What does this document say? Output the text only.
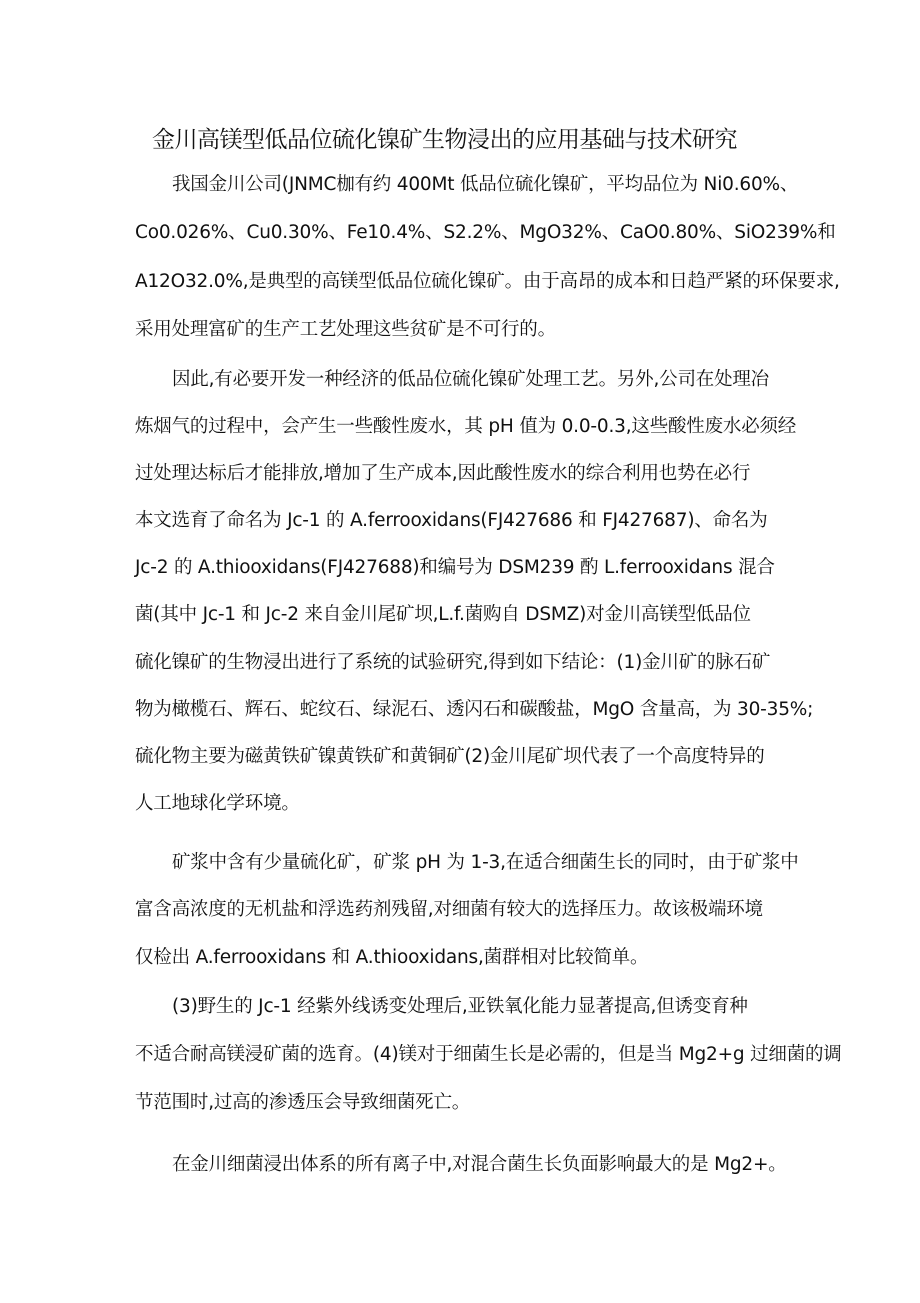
金川高镁型低品位硫化镍矿生物浸出的应用基础与技术研究
我国金川公司(JNMC枷有约 400Mt 低品位硫化镍矿，平均品位为 Ni0.60%、
Co0.026%、Cu0.30%、Fe10.4%、S2.2%、MgO32%、CaO0.80%、SiO239%和
A12O32.0%,是典型的高镁型低品位硫化镍矿。由于高昂的成本和日趋严紧的环保要求,
采用处理富矿的生产工艺处理这些贫矿是不可行的。
因此,有必要开发一种经济的低品位硫化镍矿处理工艺。另外,公司在处理冶
炼烟气的过程中，会产生一些酸性废水，其 pH 值为 0.0-0.3,这些酸性废水必须经
过处理达标后才能排放,增加了生产成本,因此酸性废水的综合利用也势在必行
本文选育了命名为 Jc-1 的 A.ferrooxidans(FJ427686 和 FJ427687)、命名为
Jc-2 的 A.thiooxidans(FJ427688)和编号为 DSM239 酌 L.ferrooxidans 混合
菌(其中 Jc-1 和 Jc-2 来自金川尾矿坝,L.f.菌购自 DSMZ)对金川高镁型低品位
硫化镍矿的生物浸出进行了系统的试验研究,得到如下结论：(1)金川矿的脉石矿
物为橄榄石、辉石、蛇纹石、绿泥石、透闪石和碳酸盐，MgO 含量高，为 30-35%;
硫化物主要为磁黄铁矿镍黄铁矿和黄铜矿(2)金川尾矿坝代表了一个高度特异的
人工地球化学环境。
矿浆中含有少量硫化矿，矿浆 pH 为 1-3,在适合细菌生长的同时，由于矿浆中
富含高浓度的无机盐和浮选药剂残留,对细菌有较大的选择压力。故该极端环境
仅检出 A.ferrooxidans 和 A.thiooxidans,菌群相对比较简单。
(3)野生的 Jc-1 经紫外线诱变处理后,亚铁氧化能力显著提高,但诱变育种
不适合耐高镁浸矿菌的选育。(4)镁对于细菌生长是必需的，但是当 Mg2+g 过细菌的调
节范围时,过高的渗透压会导致细菌死亡。
在金川细菌浸出体系的所有离子中,对混合菌生长负面影响最大的是 Mg2+。
